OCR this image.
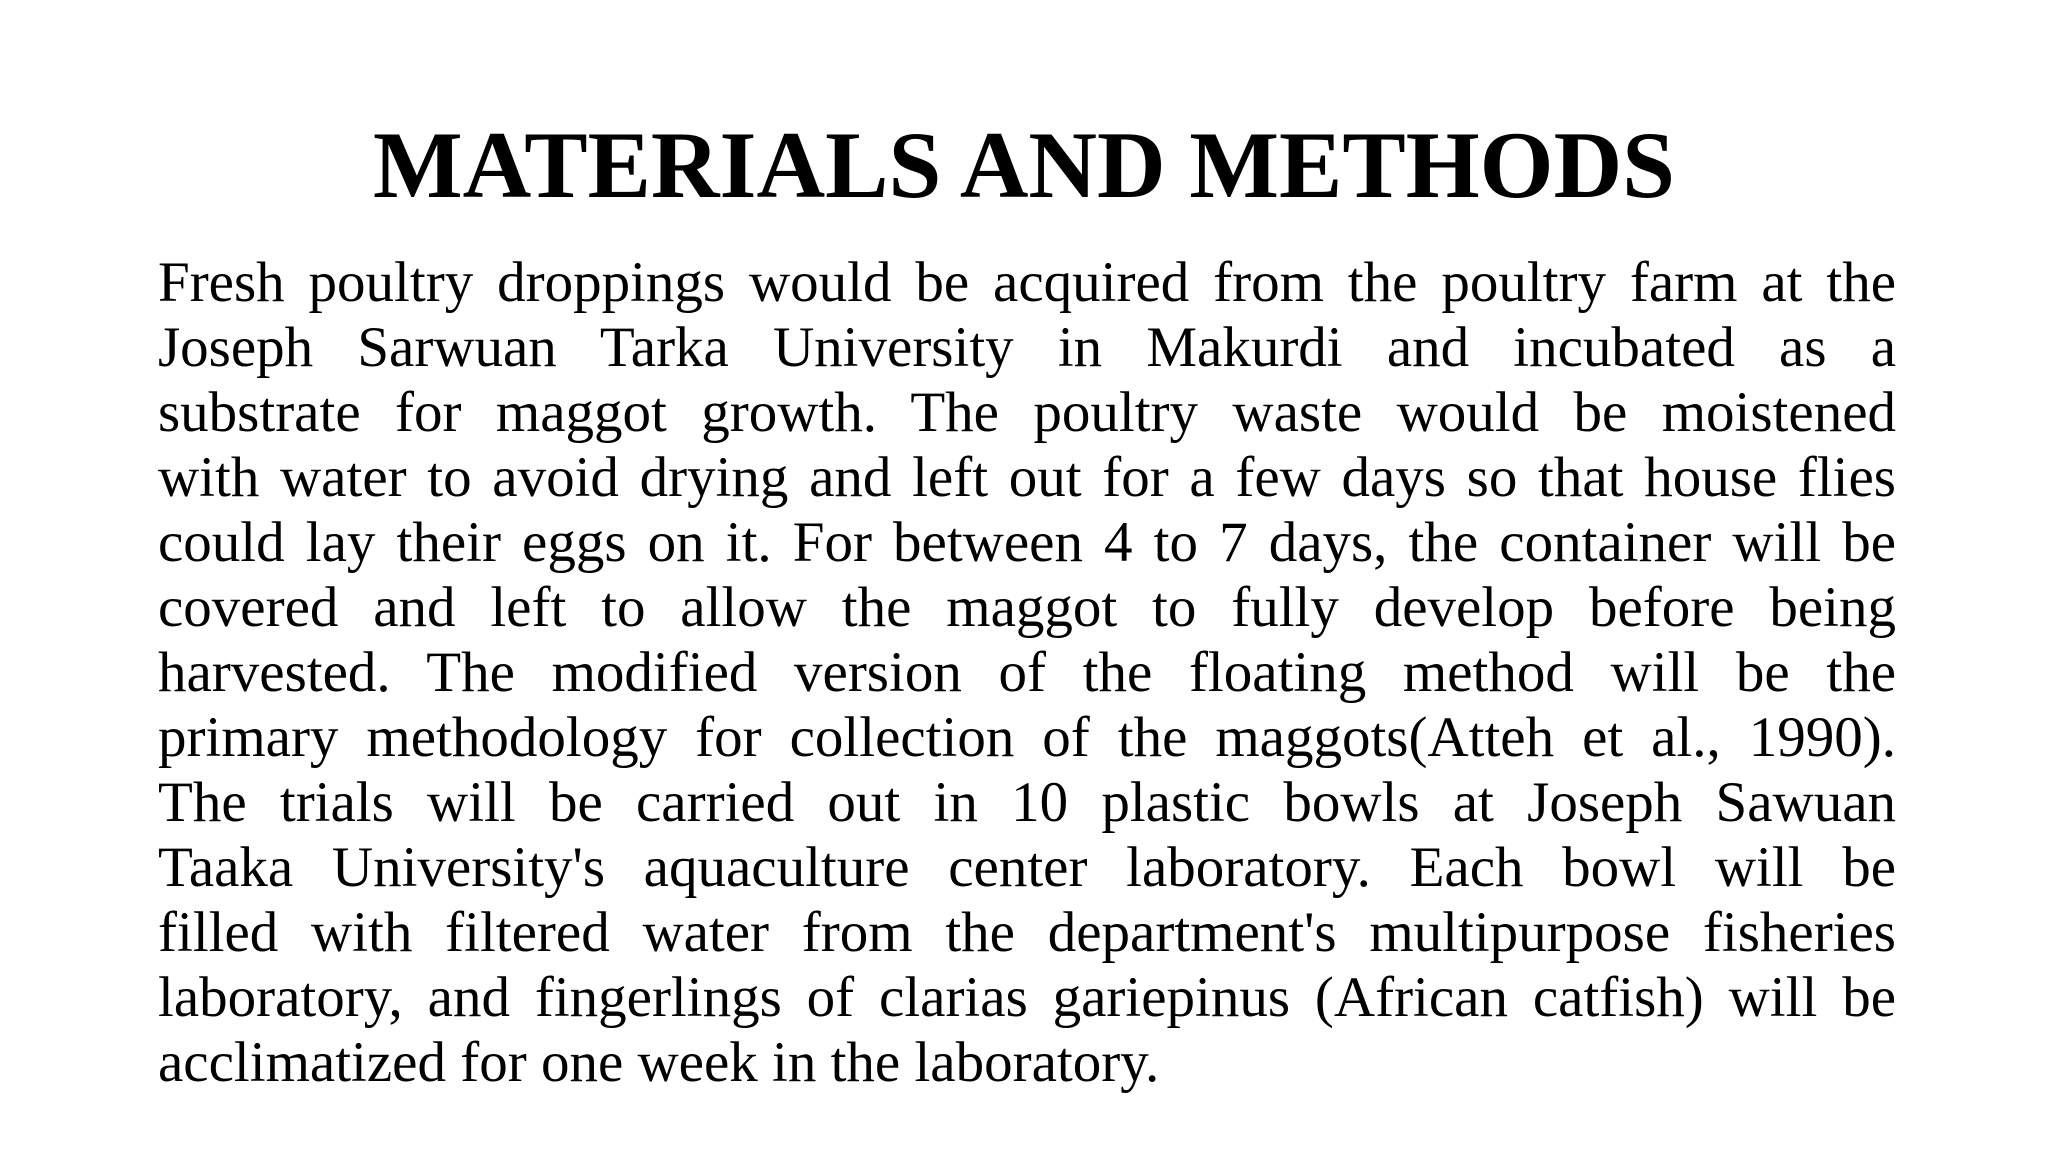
MATERIALS AND METHODS
Fresh poultry droppings would be acquired from the poultry farm at the
Joseph Sarwuan Tarka University in Makurdi and incubated as a
substrate for maggot growth. The poultry waste would be moistened
with water to avoid drying and left out for a few days so that house flies
could lay their eggs on it. For between 4 to 7 days, the container will be
covered and left to allow the maggot to fully develop before being
harvested. The modified version of the floating method will be the
primary methodology for collection of the maggots(Atteh et al., 1990).
The trials will be carried out in 10 plastic bowls at Joseph Sawuan
Taaka University's aquaculture center laboratory. Each bowl will be
filled with filtered water from the department's multipurpose fisheries
laboratory, and fingerlings of clarias gariepinus (African catfish) will be
acclimatized for one week in the laboratory.
